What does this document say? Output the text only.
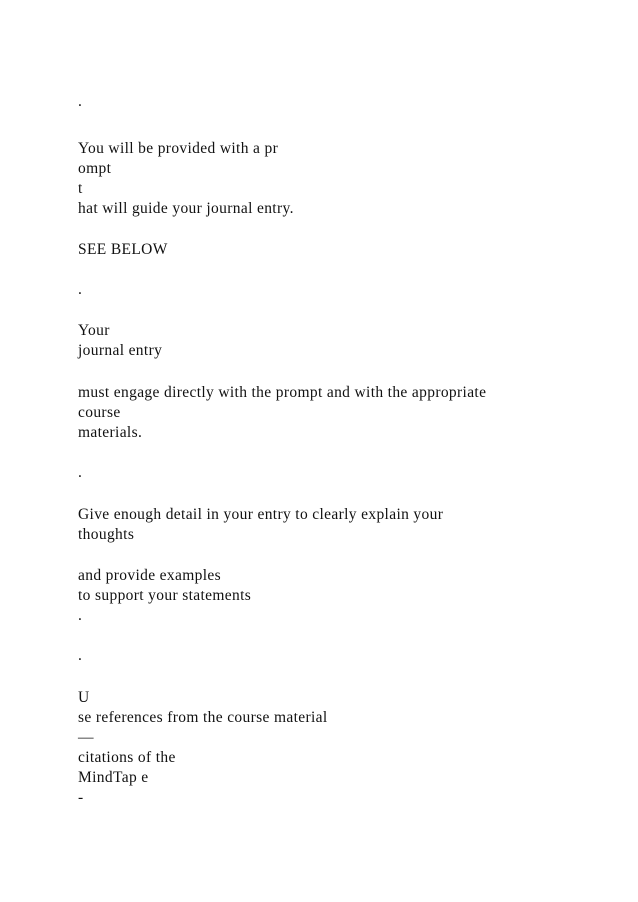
.
You will be provided with a pr
ompt
t
hat will guide your journal entry.
SEE BELOW
.
Your
journal entry
must engage directly with the prompt and with the appropriate
course
materials.
.
Give enough detail in your entry to clearly explain your
thoughts
and provide examples
to support your statements
.
.
U
se references from the course material
—
citations of the
MindTap e
-
